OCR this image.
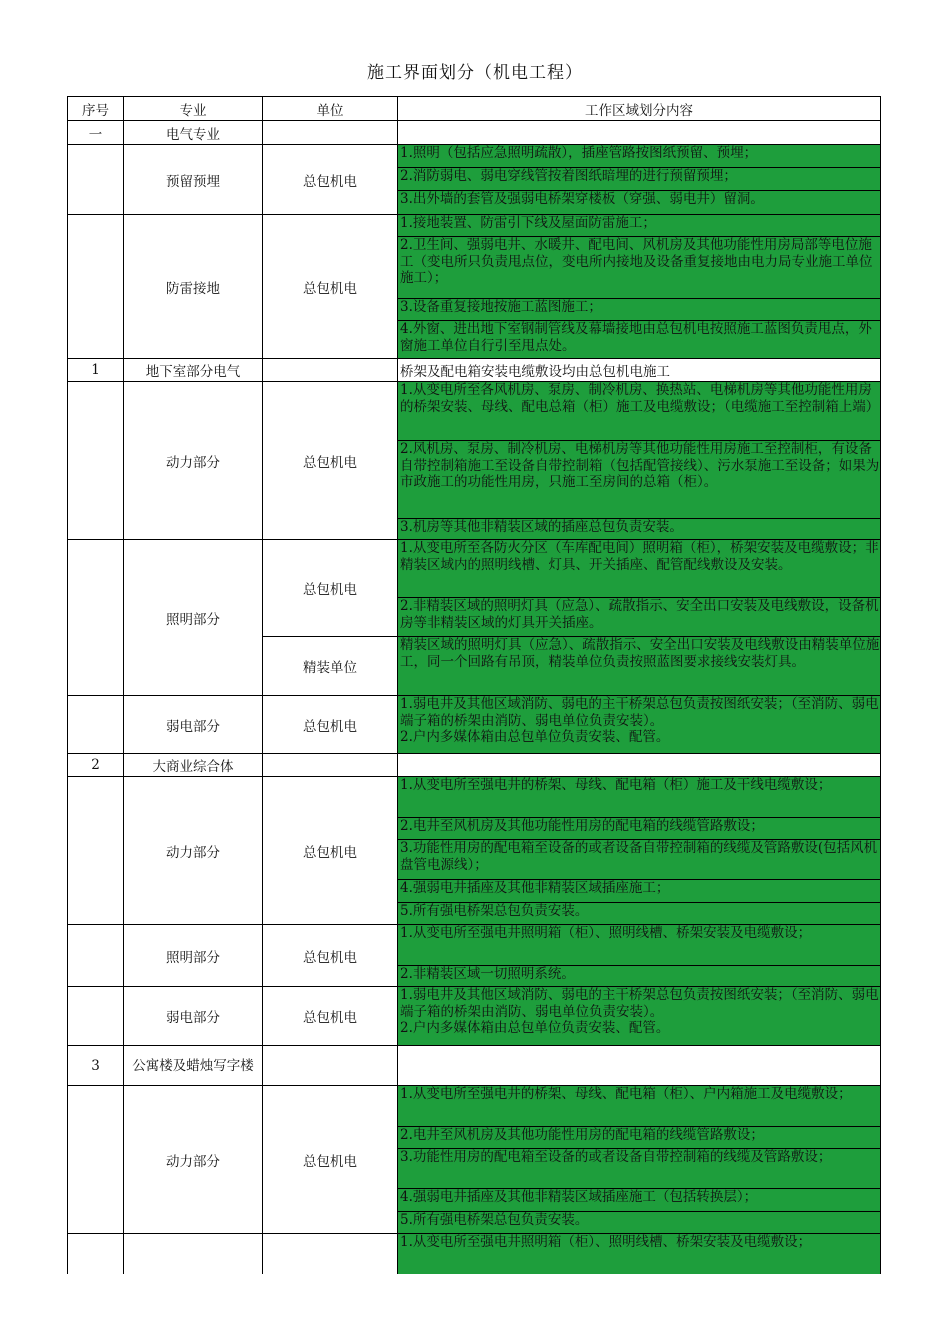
施工界面划分（机电工程）
序号	专业	单位	工作区域划分内容
一	电气专业		
	预留预埋	总包机电	1.照明（包括应急照明疏散），插座管路按图纸预留、预埋；
			2.消防弱电、弱电穿线管按着图纸暗埋的进行预留预埋；
			3.出外墙的套管及强弱电桥架穿楼板（穿强、弱电井）留洞。
	防雷接地	总包机电	1.接地装置、防雷引下线及屋面防雷施工；
			2.卫生间、强弱电井、水暖井、配电间、风机房及其他功能性用房局部等电位施工（变电所只负责甩点位，变电所内接地及设备重复接地由电力局专业施工单位施工）；
			3.设备重复接地按施工蓝图施工；
			4.外窗、进出地下室钢制管线及幕墙接地由总包机电按照施工蓝图负责甩点，外窗施工单位自行引至甩点处。
1	地下室部分电气		桥架及配电箱安装电缆敷设均由总包机电施工
	动力部分	总包机电	1.从变电所至各风机房、泵房、制冷机房、换热站、电梯机房等其他功能性用房的桥架安装、母线、配电总箱（柜）施工及电缆敷设；（电缆施工至控制箱上端）
			2.风机房、泵房、制冷机房、电梯机房等其他功能性用房施工至控制柜，有设备自带控制箱施工至设备自带控制箱（包括配管接线）、污水泵施工至设备；如果为市政施工的功能性用房，只施工至房间的总箱（柜）。
			3.机房等其他非精装区域的插座总包负责安装。
	照明部分	总包机电	1.从变电所至各防火分区（车库配电间）照明箱（柜），桥架安装及电缆敷设；非精装区域内的照明线槽、灯具、开关插座、配管配线敷设及安装。
			2.非精装区域的照明灯具（应急）、疏散指示、安全出口安装及电线敷设，设备机房等非精装区域的灯具开关插座。
		精装单位	精装区域的照明灯具（应急）、疏散指示、安全出口安装及电线敷设由精装单位施工，同一个回路有吊顶，精装单位负责按照蓝图要求接线安装灯具。
	弱电部分	总包机电	1.弱电井及其他区域消防、弱电的主干桥架总包负责按图纸安装；（至消防、弱电端子箱的桥架由消防、弱电单位负责安装）。
2.户内多媒体箱由总包单位负责安装、配管。

2	大商业综合体		
	动力部分	总包机电	1.从变电所至强电井的桥架、母线、配电箱（柜）施工及干线电缆敷设；
			2.电井至风机房及其他功能性用房的配电箱的线缆管路敷设；
			3.功能性用房的配电箱至设备的或者设备自带控制箱的线缆及管路敷设(包括风机盘管电源线）；
			4.强弱电井插座及其他非精装区域插座施工；
			5.所有强电桥架总包负责安装。
	照明部分	总包机电	1.从变电所至强电井照明箱（柜）、照明线槽、桥架安装及电缆敷设；
			2.非精装区域一切照明系统。
	弱电部分	总包机电	1.弱电井及其他区域消防、弱电的主干桥架总包负责按图纸安装；（至消防、弱电端子箱的桥架由消防、弱电单位负责安装）。
2.户内多媒体箱由总包单位负责安装、配管。

3	公寓楼及蜡烛写字楼		
	动力部分	总包机电	1.从变电所至强电井的桥架、母线、配电箱（柜）、户内箱施工及电缆敷设；
			2.电井至风机房及其他功能性用房的配电箱的线缆管路敷设；
			3.功能性用房的配电箱至设备的或者设备自带控制箱的线缆及管路敷设；
			4.强弱电井插座及其他非精装区域插座施工（包括转换层）；
			5.所有强电桥架总包负责安装。
			1.从变电所至强电井照明箱（柜）、照明线槽、桥架安装及电缆敷设；
